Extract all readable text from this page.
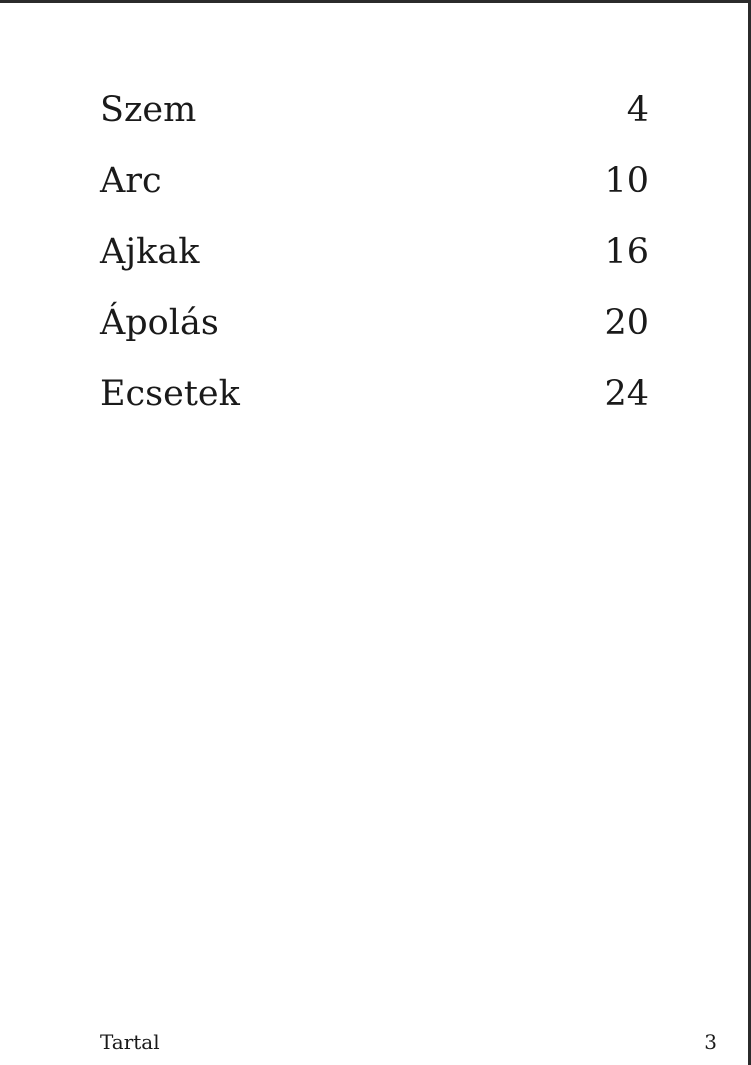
Szem	4
Arc	10
Ajkak	16
Ápolás	20
Ecsetek	24
Tartal	3
